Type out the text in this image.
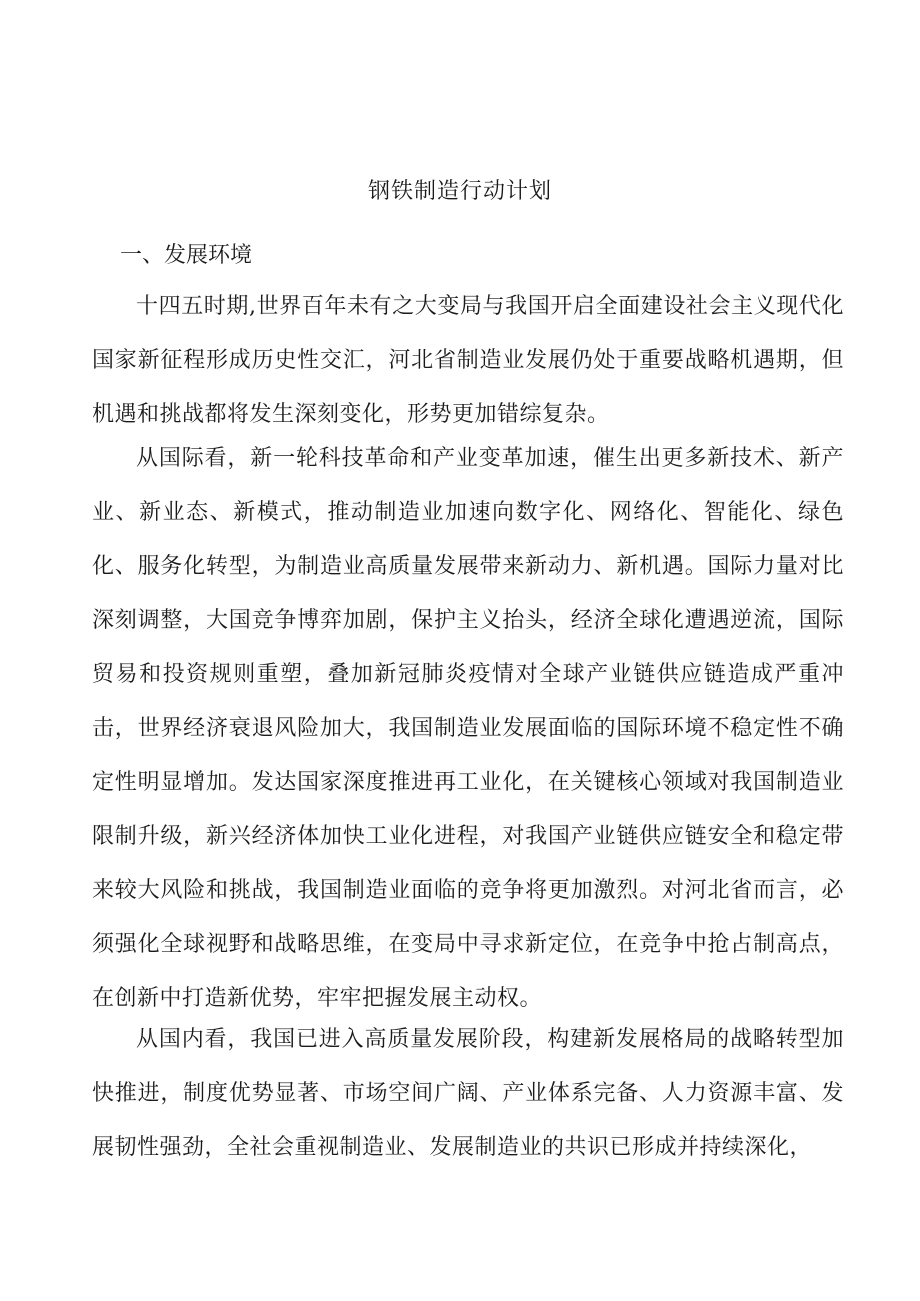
钢铁制造行动计划
一、发展环境

十四五时期,世界百年未有之大变局与我国开启全面建设社会主义现代化国家新征程形成历史性交汇，河北省制造业发展仍处于重要战略机遇期，但机遇和挑战都将发生深刻变化，形势更加错综复杂。

从国际看，新一轮科技革命和产业变革加速，催生出更多新技术、新产业、新业态、新模式，推动制造业加速向数字化、网络化、智能化、绿色化、服务化转型，为制造业高质量发展带来新动力、新机遇。国际力量对比深刻调整，大国竞争博弈加剧，保护主义抬头，经济全球化遭遇逆流，国际贸易和投资规则重塑，叠加新冠肺炎疫情对全球产业链供应链造成严重冲击，世界经济衰退风险加大，我国制造业发展面临的国际环境不稳定性不确定性明显增加。发达国家深度推进再工业化，在关键核心领域对我国制造业限制升级，新兴经济体加快工业化进程，对我国产业链供应链安全和稳定带来较大风险和挑战，我国制造业面临的竞争将更加激烈。对河北省而言，必须强化全球视野和战略思维，在变局中寻求新定位，在竞争中抢占制高点，在创新中打造新优势，牢牢把握发展主动权。

从国内看，我国已进入高质量发展阶段，构建新发展格局的战略转型加快推进，制度优势显著、市场空间广阔、产业体系完备、人力资源丰富、发展韧性强劲，全社会重视制造业、发展制造业的共识已形成并持续深化，
